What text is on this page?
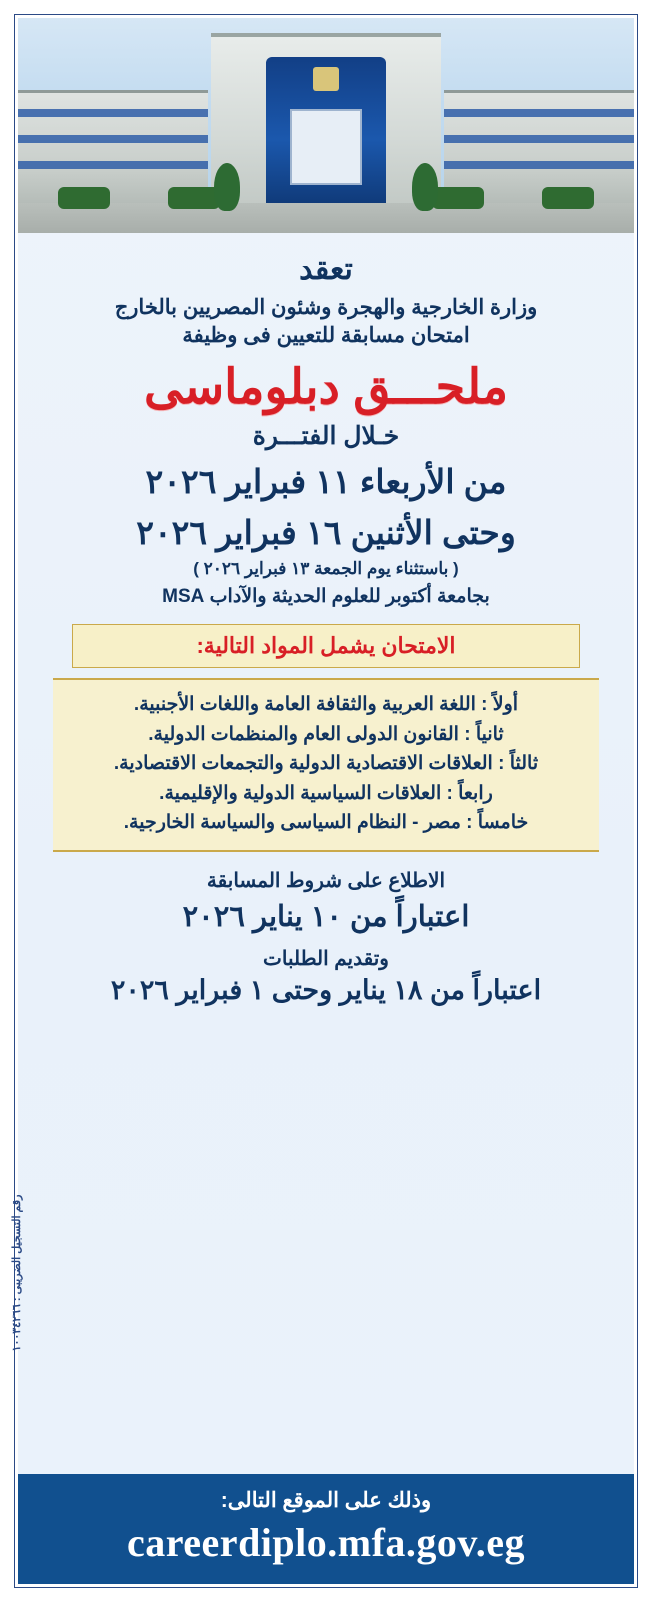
تعقد
وزارة الخارجية والهجرة وشئون المصريين بالخارج
امتحان مسابقة للتعيين فى وظيفة
ملحـــق دبلوماسى
خـلال الفتـــرة
من الأربعاء ١١ فبراير ٢٠٢٦
وحتى الأثنين ١٦ فبراير ٢٠٢٦
( باستثناء يوم الجمعة ١٣ فبراير ٢٠٢٦ )
بجامعة أكتوبر للعلوم الحديثة والآداب MSA
الامتحان يشمل المواد التالية:
أولاً : اللغة العربية والثقافة العامة واللغات الأجنبية.
ثانياً : القانون الدولى العام والمنظمات الدولية.
ثالثاً : العلاقات الاقتصادية الدولية والتجمعات الاقتصادية.
رابعاً : العلاقات السياسية الدولية والإقليمية.
خامساً : مصر - النظام السياسى والسياسة الخارجية.
الاطلاع على شروط المسابقة
اعتباراً من ١٠ يناير ٢٠٢٦
وتقديم الطلبات
اعتباراً من ١٨ يناير وحتى ١ فبراير ٢٠٢٦
رقم التسجيل الضريبى : ١٠٠٣٤٢٦٦
وذلك على الموقع التالى:
careerdiplo.mfa.gov.eg
